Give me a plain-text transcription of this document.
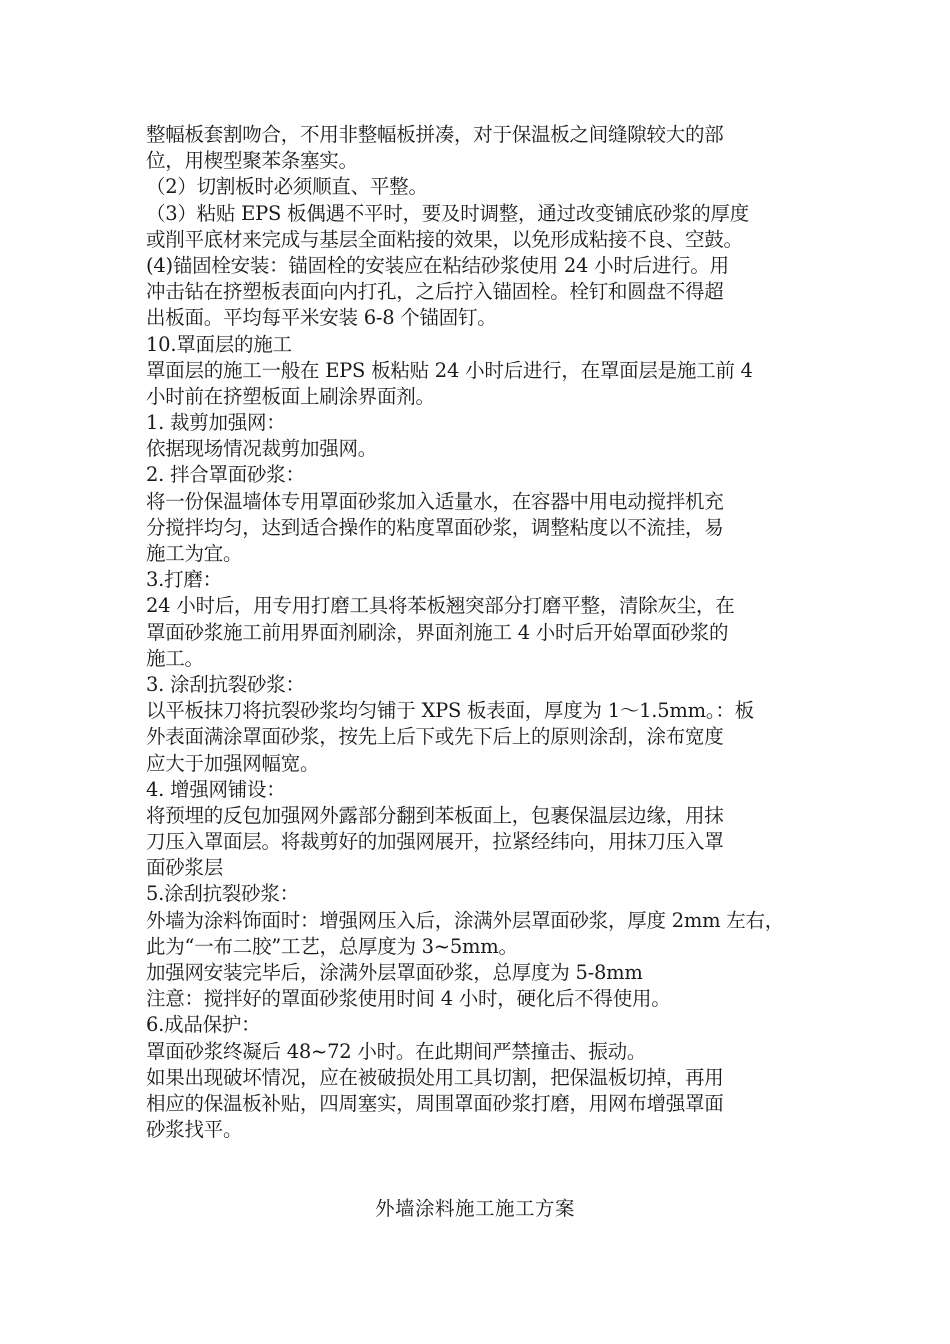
整幅板套割吻合，不用非整幅板拼凑，对于保温板之间缝隙较大的部
位，用楔型聚苯条塞实。
（2）切割板时必须顺直、平整。
（3）粘贴 EPS 板偶遇不平时，要及时调整，通过改变铺底砂浆的厚度
或削平底材来完成与基层全面粘接的效果，以免形成粘接不良、空鼓。
(4)锚固栓安装：锚固栓的安装应在粘结砂浆使用 24 小时后进行。用
冲击钻在挤塑板表面向内打孔，之后拧入锚固栓。栓钉和圆盘不得超
出板面。平均每平米安装 6-8 个锚固钉。
10.罩面层的施工
罩面层的施工一般在 EPS 板粘贴 24 小时后进行，在罩面层是施工前 4
小时前在挤塑板面上刷涂界面剂。
1. 裁剪加强网：
依据现场情况裁剪加强网。
2. 拌合罩面砂浆：
将一份保温墙体专用罩面砂浆加入适量水，在容器中用电动搅拌机充
分搅拌均匀，达到适合操作的粘度罩面砂浆，调整粘度以不流挂，易
施工为宜。
3.打磨：
24 小时后，用专用打磨工具将苯板翘突部分打磨平整，清除灰尘，在
罩面砂浆施工前用界面剂刷涂，界面剂施工 4 小时后开始罩面砂浆的
施工。
3. 涂刮抗裂砂浆：
以平板抹刀将抗裂砂浆均匀铺于 XPS 板表面，厚度为 1～1.5mm。：板
外表面满涂罩面砂浆，按先上后下或先下后上的原则涂刮，涂布宽度
应大于加强网幅宽。
4. 增强网铺设：
将预埋的反包加强网外露部分翻到苯板面上，包裹保温层边缘，用抹
刀压入罩面层。将裁剪好的加强网展开，拉紧经纬向，用抹刀压入罩
面砂浆层
5.涂刮抗裂砂浆：
外墙为涂料饰面时：增强网压入后，涂满外层罩面砂浆，厚度 2mm 左右，
此为“一布二胶”工艺，总厚度为 3~5mm。
加强网安装完毕后，涂满外层罩面砂浆，总厚度为 5-8mm
注意：搅拌好的罩面砂浆使用时间 4 小时，硬化后不得使用。
6.成品保护：
罩面砂浆终凝后 48~72 小时。在此期间严禁撞击、振动。
如果出现破坏情况，应在被破损处用工具切割，把保温板切掉，再用
相应的保温板补贴，四周塞实，周围罩面砂浆打磨，用网布增强罩面
砂浆找平。
外墙涂料施工施工方案
